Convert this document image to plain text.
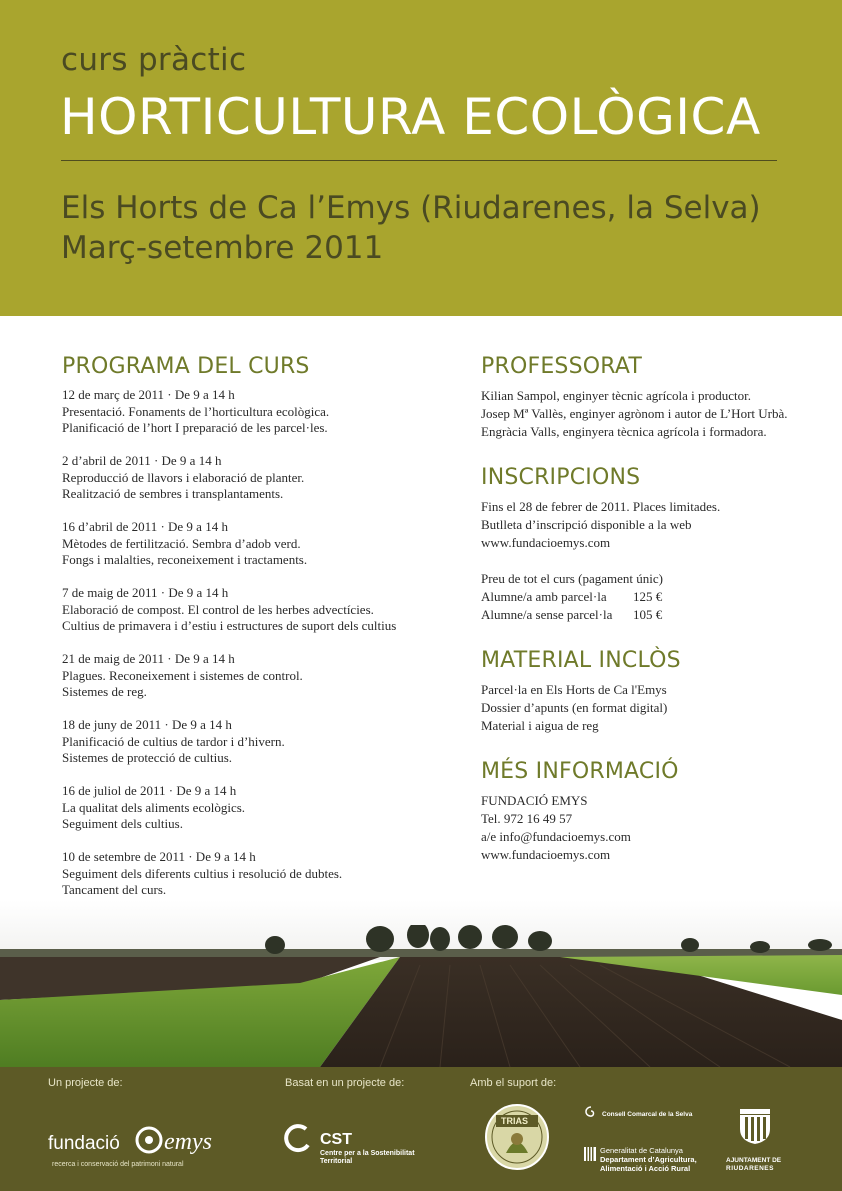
curs pràctic
HORTICULTURA ECOLÒGICA
Els Horts de Ca l’Emys (Riudarenes, la Selva)
Març-setembre 2011
PROGRAMA DEL CURS
12 de març de 2011 · De 9 a 14 h
Presentació. Fonaments de l’horticultura ecològica.
Planificació de l’hort I preparació de les parcel·les.
2 d’abril de 2011 · De 9 a 14 h
Reproducció de llavors i elaboració de planter.
Realització de sembres i transplantaments.
16 d’abril de 2011 · De 9 a 14 h
Mètodes de fertilització. Sembra d’adob verd.
Fongs i malalties, reconeixement i tractaments.
7 de maig de 2011 · De 9 a 14 h
Elaboració de compost. El control de les herbes advectícies.
Cultius de primavera i d’estiu i estructures de suport dels cultius
21 de maig de 2011 · De 9 a 14 h
Plagues. Reconeixement i sistemes de control.
Sistemes de reg.
18 de juny de 2011 · De 9 a 14 h
Planificació de cultius de tardor i d’hivern.
Sistemes de protecció de cultius.
16 de juliol de 2011 · De 9 a 14 h
La qualitat dels aliments ecològics.
Seguiment dels cultius.
10 de setembre de 2011 · De 9 a 14 h
Seguiment dels diferents cultius i resolució de dubtes.
Tancament del curs.
PROFESSORAT
Kilian Sampol, enginyer tècnic agrícola i productor.
Josep Mª Vallès, enginyer agrònom i autor de L’Hort Urbà.
Engràcia Valls, enginyera tècnica agrícola i formadora.
INSCRIPCIONS
Fins el 28 de febrer de 2011. Places limitades.
Butlleta d’inscripció disponible a la web
www.fundacioemys.com
Preu de tot el curs (pagament únic)
Alumne/a amb parcel·la	125 €
Alumne/a sense parcel·la	105 €
MATERIAL INCLÒS
Parcel·la en Els Horts de Ca l'Emys
Dossier d’apunts (en format digital)
Material i aigua de reg
MÉS INFORMACIÓ
FUNDACIÓ EMYS
Tel. 972 16 49 57
a/e info@fundacioemys.com
www.fundacioemys.com
Un projecte de:	Basat en un projecte de:	Amb el suport de:
fundació emys
recerca i conservació del patrimoni natural
CST
Centre per a la Sostenibilitat
Territorial
TRIAS
Consell Comarcal de la Selva
Generalitat de Catalunya
Departament d’Agricultura,
Alimentació i Acció Rural
AJUNTAMENT DE
RIUDARENES
